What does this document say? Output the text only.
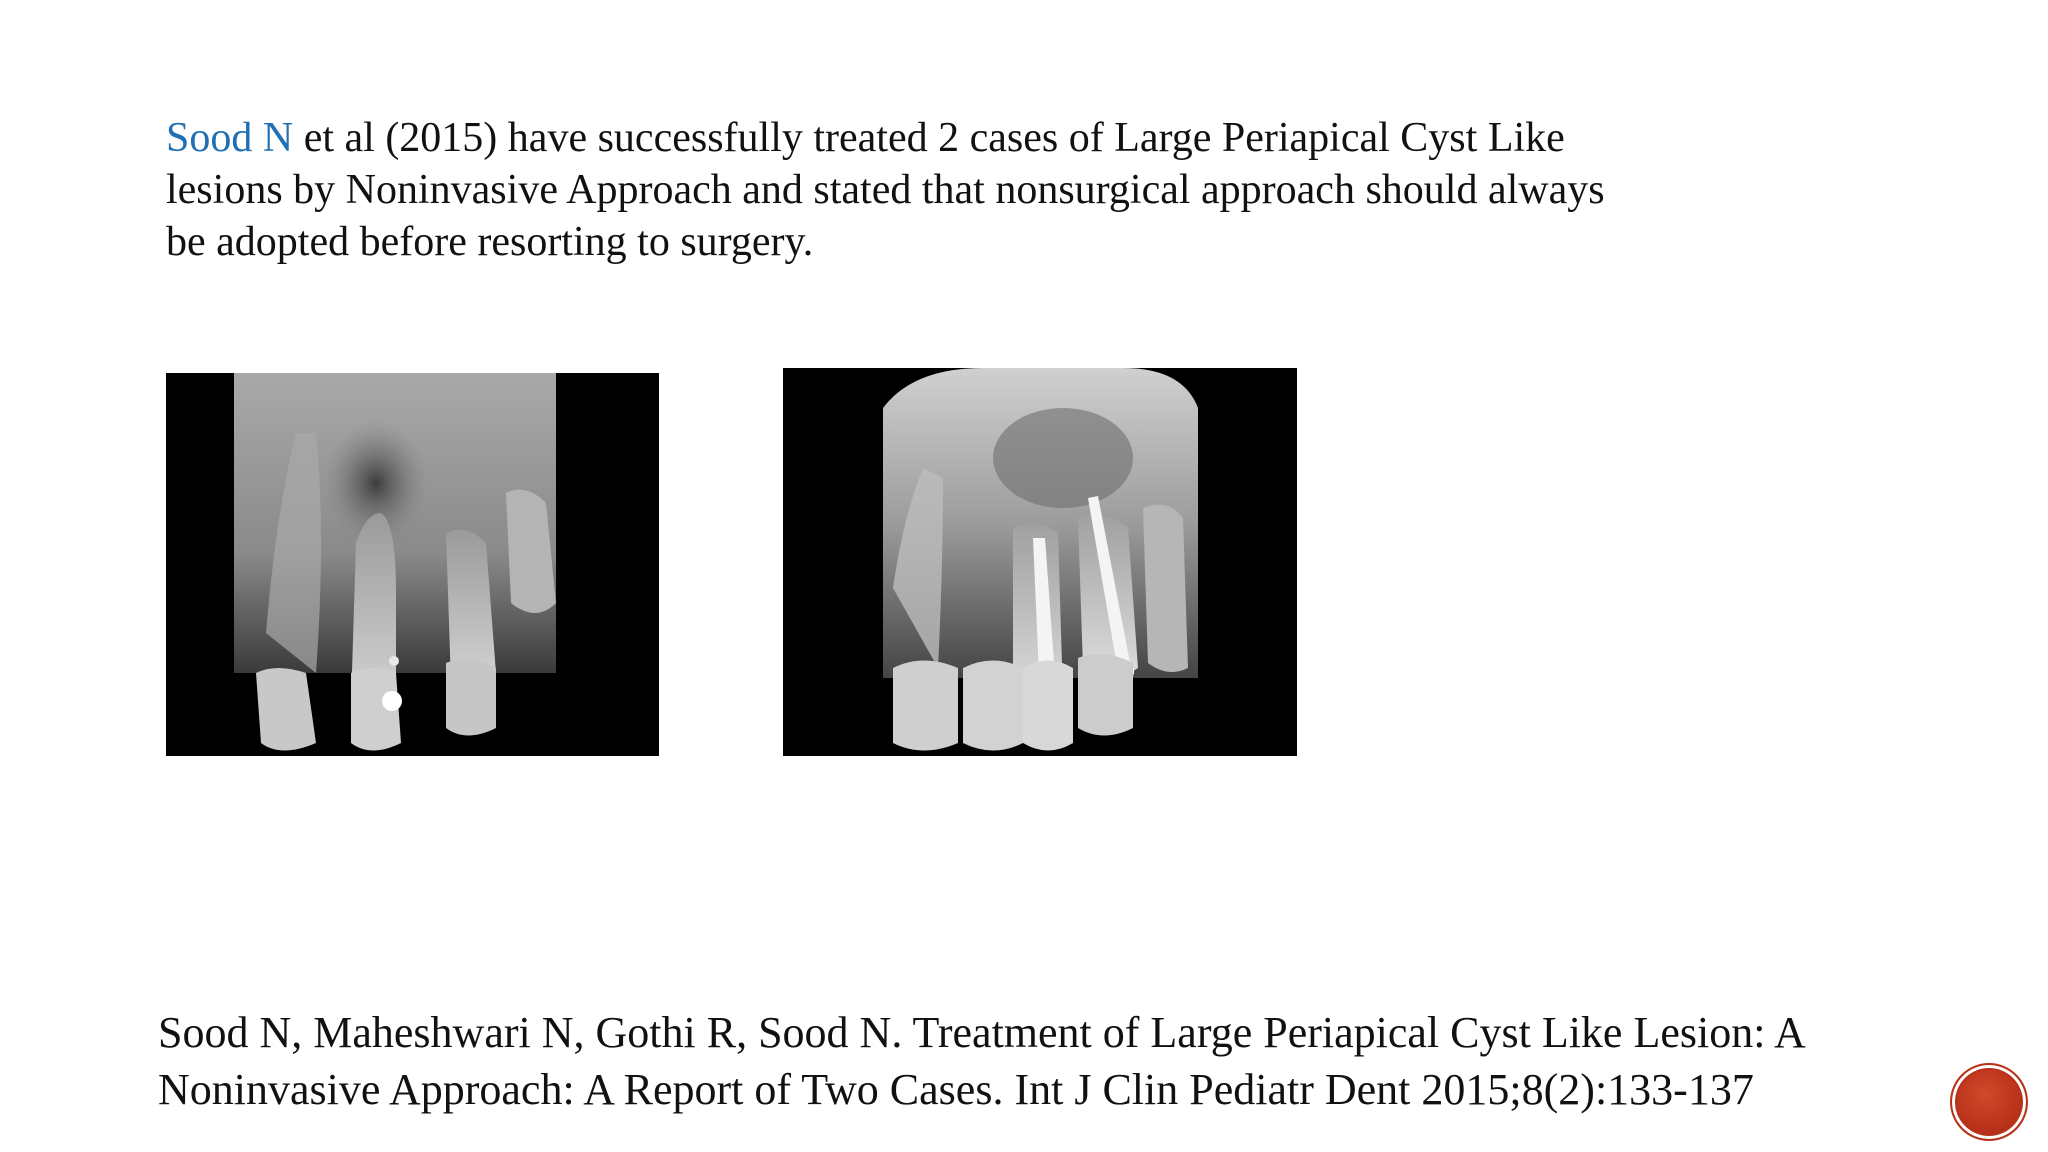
Sood N et al (2015) have successfully treated 2 cases of Large Periapical Cyst Like
lesions by Noninvasive Approach and stated that nonsurgical approach should always
be adopted before resorting to surgery.
Sood N, Maheshwari N, Gothi R, Sood N. Treatment of Large Periapical Cyst Like Lesion: A
Noninvasive Approach: A Report of Two Cases. Int J Clin Pediatr Dent 2015;8(2):133-137
